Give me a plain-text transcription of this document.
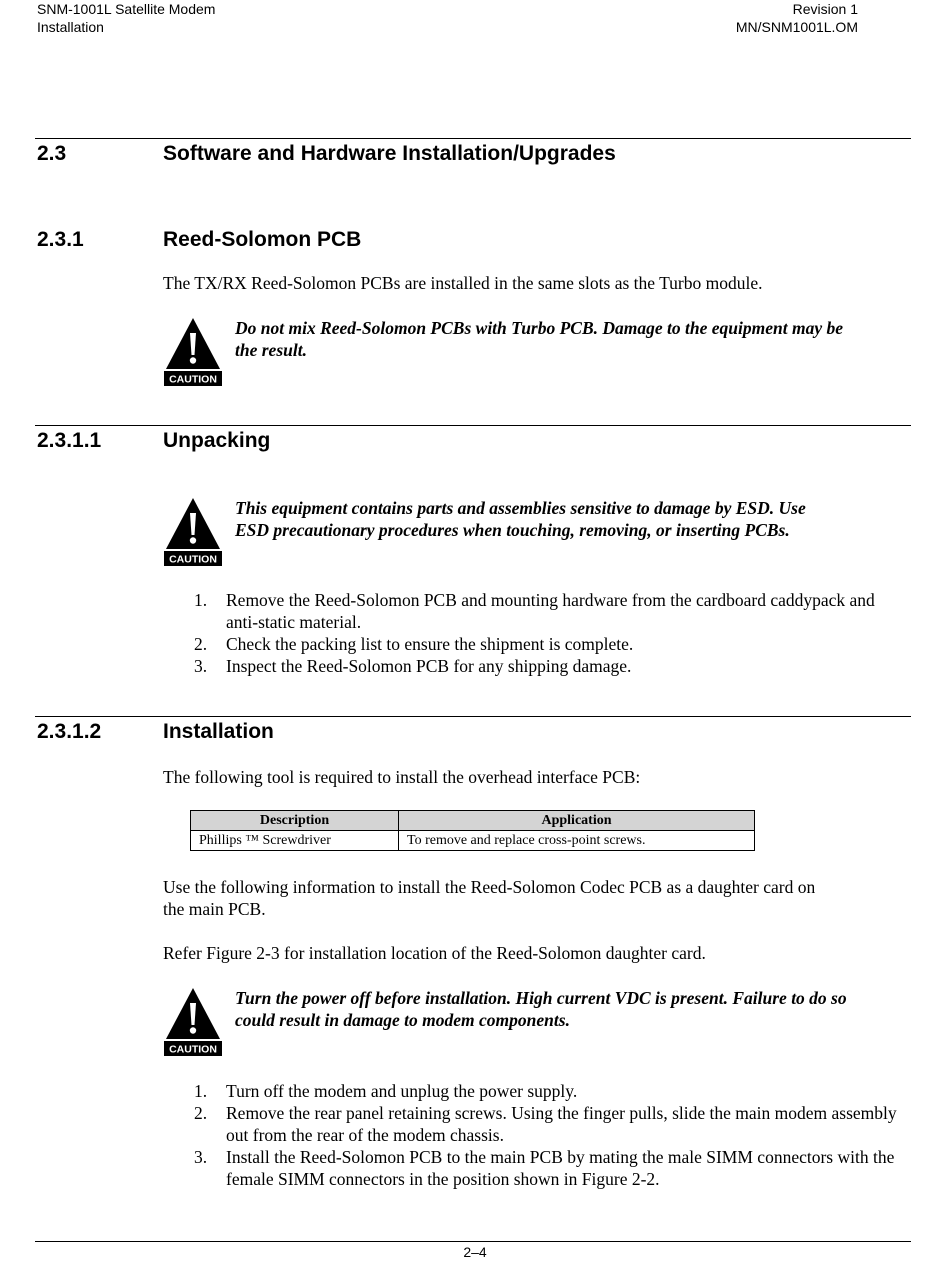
SNM-1001L Satellite Modem
Installation
Revision 1
MN/SNM1001L.OM
2.3	Software and Hardware Installation/Upgrades
2.3.1	Reed-Solomon PCB
The TX/RX Reed-Solomon PCBs are installed in the same slots as the Turbo module.
CAUTION
Do not mix Reed-Solomon PCBs with Turbo PCB. Damage to the equipment may be the result.
2.3.1.1	Unpacking
CAUTION
This equipment contains parts and assemblies sensitive to damage by ESD. Use ESD precautionary procedures when touching, removing, or inserting PCBs.
1. Remove the Reed-Solomon PCB and mounting hardware from the cardboard caddypack and anti-static material.
2. Check the packing list to ensure the shipment is complete.
3. Inspect the Reed-Solomon PCB for any shipping damage.
2.3.1.2	Installation
The following tool is required to install the overhead interface PCB:
Description	Application
Phillips ™ Screwdriver	To remove and replace cross-point screws.
Use the following information to install the Reed-Solomon Codec PCB as a daughter card on the main PCB.
Refer Figure 2-3 for installation location of the Reed-Solomon daughter card.
CAUTION
Turn the power off before installation. High current VDC is present. Failure to do so could result in damage to modem components.
1. Turn off the modem and unplug the power supply.
2. Remove the rear panel retaining screws. Using the finger pulls, slide the main modem assembly out from the rear of the modem chassis.
3. Install the Reed-Solomon PCB to the main PCB by mating the male SIMM connectors with the female SIMM connectors in the position shown in Figure 2-2.
2–4
